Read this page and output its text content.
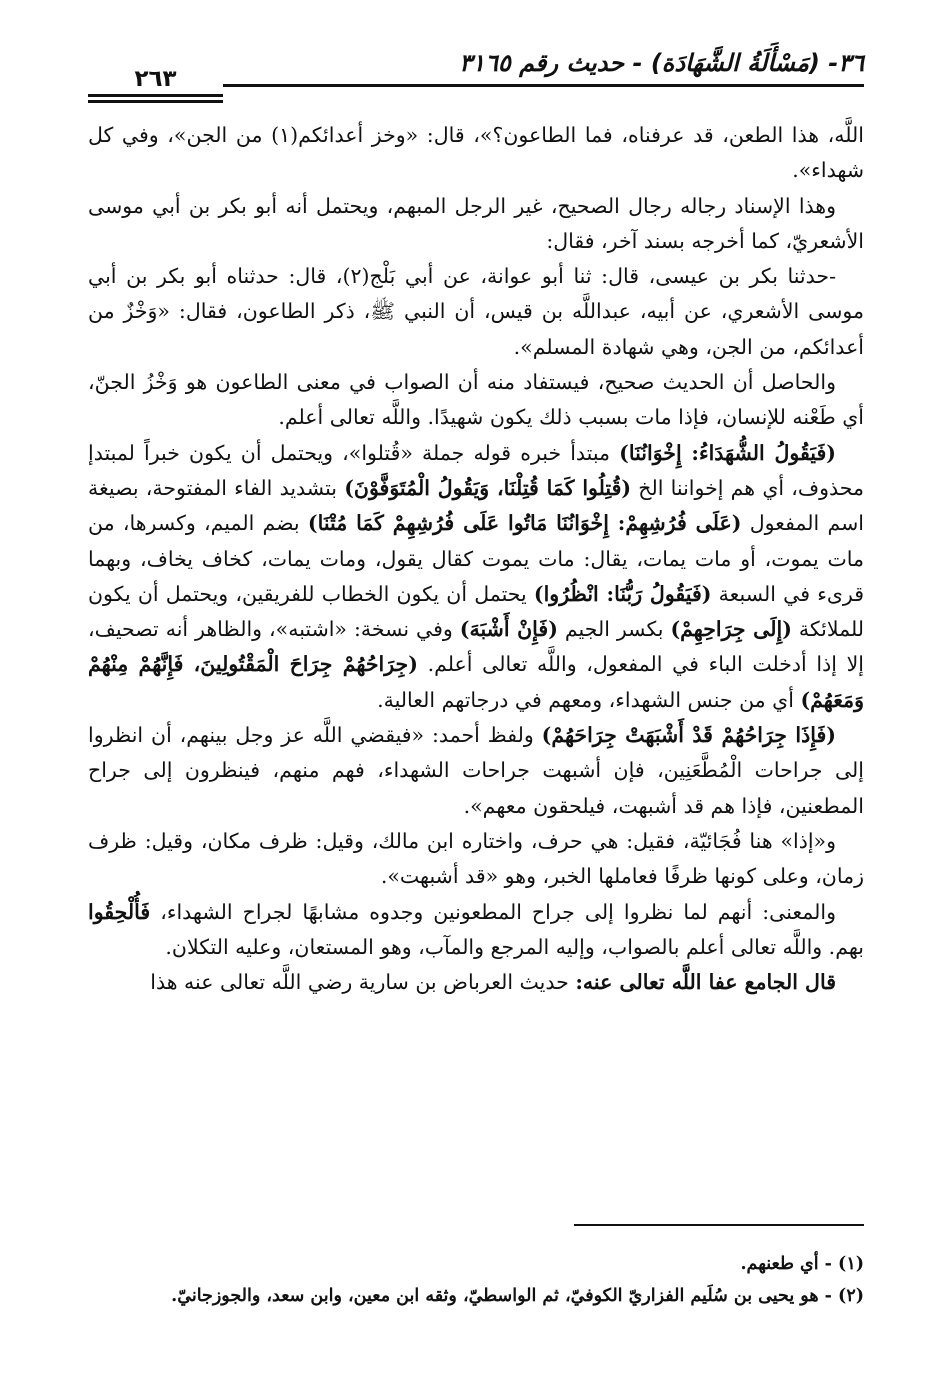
٣٦- (مَسْأَلَةُ الشَّهَادَة) - حديث رقم ٣١٦٥
٢٦٣

اللَّه، هذا الطعن، قد عرفناه، فما الطاعون؟»، قال: «وخز أعدائكم(١) من الجن»، وفي كل شهداء».

وهذا الإسناد رجاله رجال الصحيح، غير الرجل المبهم، ويحتمل أنه أبو بكر بن أبي موسى الأشعريّ، كما أخرجه بسند آخر، فقال:

-حدثنا بكر بن عيسى، قال: ثنا أبو عوانة، عن أبي بَلْج(٢)، قال: حدثناه أبو بكر بن أبي موسى الأشعري، عن أبيه، عبداللَّه بن قيس، أن النبي ﷺ، ذكر الطاعون، فقال: «وَخْزٌ من أعدائكم، من الجن، وهي شهادة المسلم».

والحاصل أن الحديث صحيح، فيستفاد منه أن الصواب في معنى الطاعون هو وَخْزُ الجنّ، أي طَعْنه للإنسان، فإذا مات بسبب ذلك يكون شهيدًا. واللَّه تعالى أعلم.

(فَيَقُولُ الشُّهَدَاءُ: إِخْوَانُنَا) مبتدأ خبره قوله جملة «قُتلوا»، ويحتمل أن يكون خبراً لمبتدإ محذوف، أي هم إخواننا الخ (قُتِلُوا كَمَا قُتِلْنَا، وَيَقُولُ الْمُتَوَفَّوْنَ) بتشديد الفاء المفتوحة، بصيغة اسم المفعول (عَلَى فُرُشِهِمْ: إِخْوَانُنَا مَاتُوا عَلَى فُرُشِهِمْ كَمَا مُتْنَا) بضم الميم، وكسرها، من مات يموت، أو مات يمات، يقال: مات يموت كقال يقول، ومات يمات، كخاف يخاف، وبهما قرىء في السبعة (فَيَقُولُ رَبُّنَا: انْظُرُوا) يحتمل أن يكون الخطاب للفريقين، ويحتمل أن يكون للملائكة (إِلَى جِرَاحِهِمْ) بكسر الجيم (فَإِنْ أَشْبَهَ) وفي نسخة: «اشتبه»، والظاهر أنه تصحيف، إلا إذا أدخلت الباء في المفعول، واللَّه تعالى أعلم. (جِرَاحُهُمْ جِرَاحَ الْمَقْتُولِينَ، فَإِنَّهُمْ مِنْهُمْ وَمَعَهُمْ) أي من جنس الشهداء، ومعهم في درجاتهم العالية.

(فَإِذَا جِرَاحُهُمْ قَدْ أَشْبَهَتْ جِرَاحَهُمْ) ولفظ أحمد: «فيقضي اللَّه عز وجل بينهم، أن انظروا إلى جراحات الْمُطَّعَنِين، فإن أشبهت جراحات الشهداء، فهم منهم، فينظرون إلى جراح المطعنين، فإذا هم قد أشبهت، فيلحقون معهم».

و«إذا» هنا فُجَائيّة، فقيل: هي حرف، واختاره ابن مالك، وقيل: ظرف مكان، وقيل: ظرف زمان، وعلى كونها ظرفًا فعاملها الخبر، وهو «قد أشبهت».

والمعنى: أنهم لما نظروا إلى جراح المطعونين وجدوه مشابهًا لجراح الشهداء، فَأُلْحِقُوا بهم. واللَّه تعالى أعلم بالصواب، وإليه المرجع والمآب، وهو المستعان، وعليه التكلان.

قال الجامع عفا اللَّه تعالى عنه: حديث العرباض بن سارية رضي اللَّه تعالى عنه هذا

(١) - أي طعنهم.

(٢) - هو يحيى بن سُلَيم الفزاريّ الكوفيّ، ثم الواسطيّ، وثقه ابن معين، وابن سعد، والجوزجانيّ.
